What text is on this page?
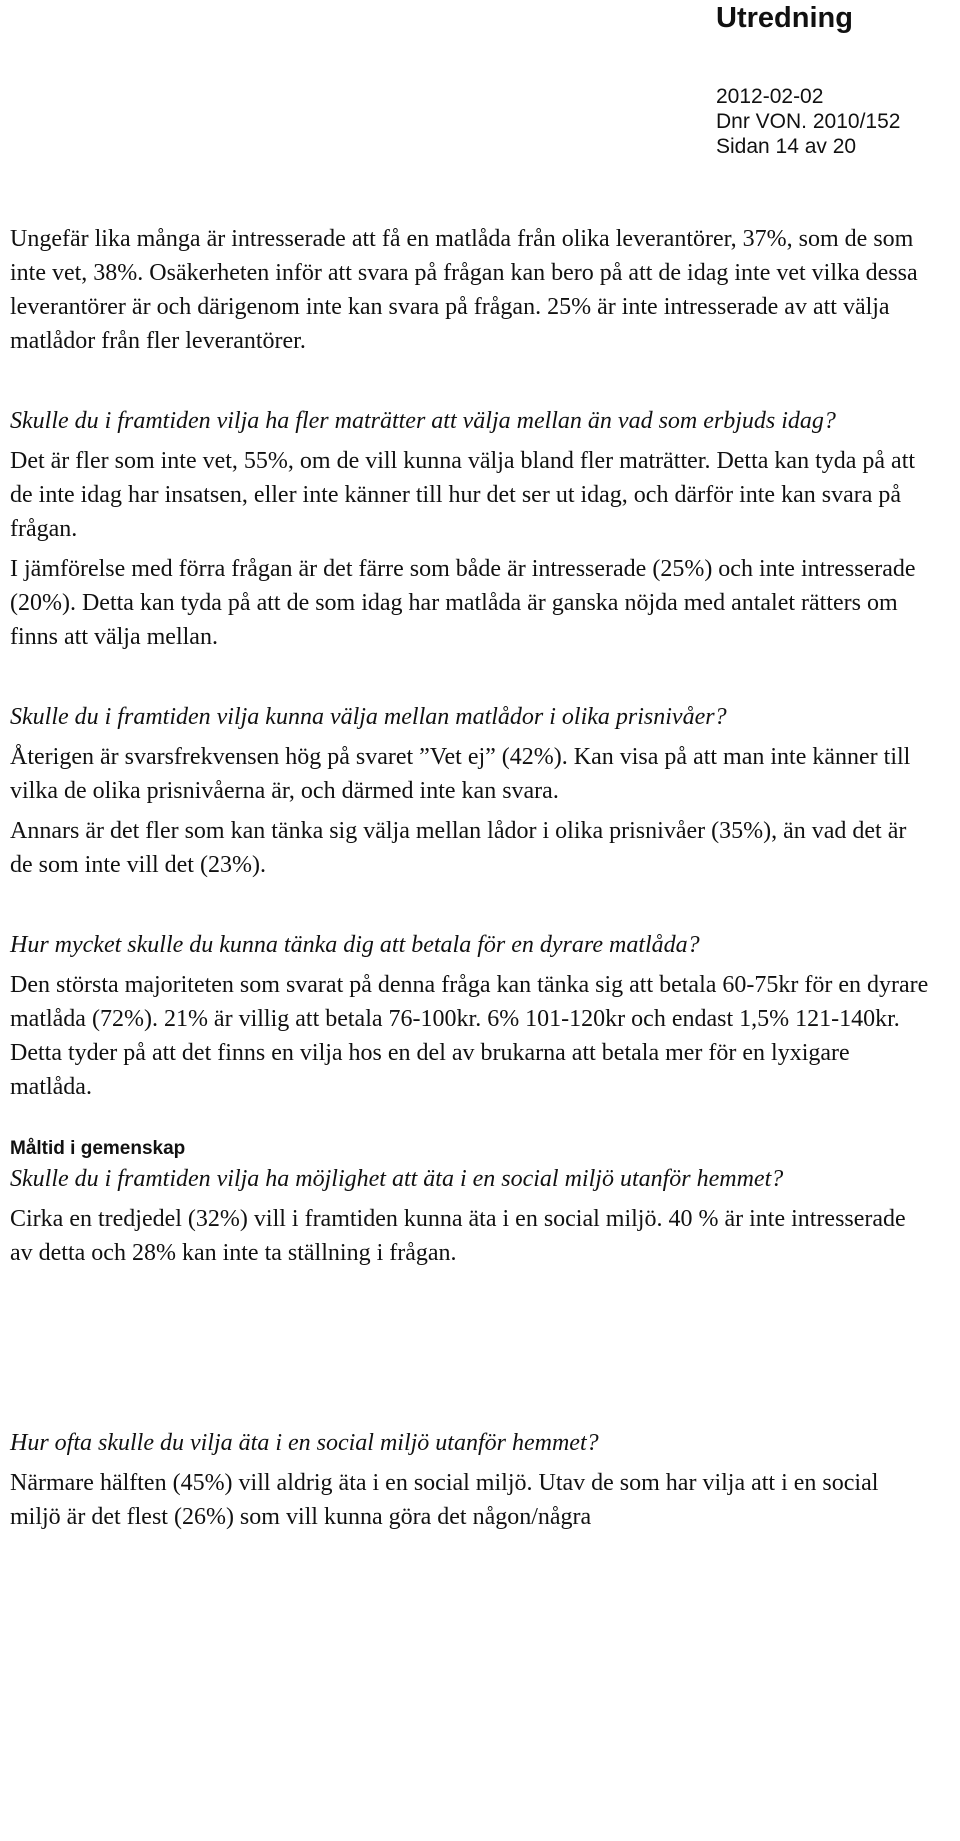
Utredning
2012-02-02
Dnr VON. 2010/152
Sidan 14 av 20

Ungefär lika många är intresserade att få en matlåda från olika leverantörer, 37%, som de som inte vet, 38%. Osäkerheten inför att svara på frågan kan bero på att de idag inte vet vilka dessa leverantörer är och därigenom inte kan svara på frågan. 25% är inte intresserade av att välja matlådor från fler leverantörer.

Skulle du i framtiden vilja ha fler maträtter att välja mellan än vad som erbjuds idag?

Det är fler som inte vet, 55%, om de vill kunna välja bland fler maträtter. Detta kan tyda på att de inte idag har insatsen, eller inte känner till hur det ser ut idag, och därför inte kan svara på frågan.

I jämförelse med förra frågan är det färre som både är intresserade (25%) och inte intresserade (20%). Detta kan tyda på att de som idag har matlåda är ganska nöjda med antalet rätters om finns att välja mellan.

Skulle du i framtiden vilja kunna välja mellan matlådor i olika prisnivåer?

Återigen är svarsfrekvensen hög på svaret ”Vet ej” (42%). Kan visa på att man inte känner till vilka de olika prisnivåerna är, och därmed inte kan svara.

Annars är det fler som kan tänka sig välja mellan lådor i olika prisnivåer (35%), än vad det är de som inte vill det (23%).

Hur mycket skulle du kunna tänka dig att betala för en dyrare matlåda?

Den största majoriteten som svarat på denna fråga kan tänka sig att betala 60-75kr för en dyrare matlåda (72%). 21% är villig att betala 76-100kr. 6% 101-120kr och endast 1,5% 121-140kr. Detta tyder på att det finns en vilja hos en del av brukarna att betala mer för en lyxigare matlåda.

Måltid i gemenskap

Skulle du i framtiden vilja ha möjlighet att äta i en social miljö utanför hemmet?

Cirka en tredjedel (32%) vill i framtiden kunna äta i en social miljö. 40 % är inte intresserade av detta och 28% kan inte ta ställning i frågan.

Hur ofta skulle du vilja äta i en social miljö utanför hemmet?

Närmare hälften (45%) vill aldrig äta i en social miljö. Utav de som har vilja att i en social miljö är det flest (26%) som vill kunna göra det någon/några
